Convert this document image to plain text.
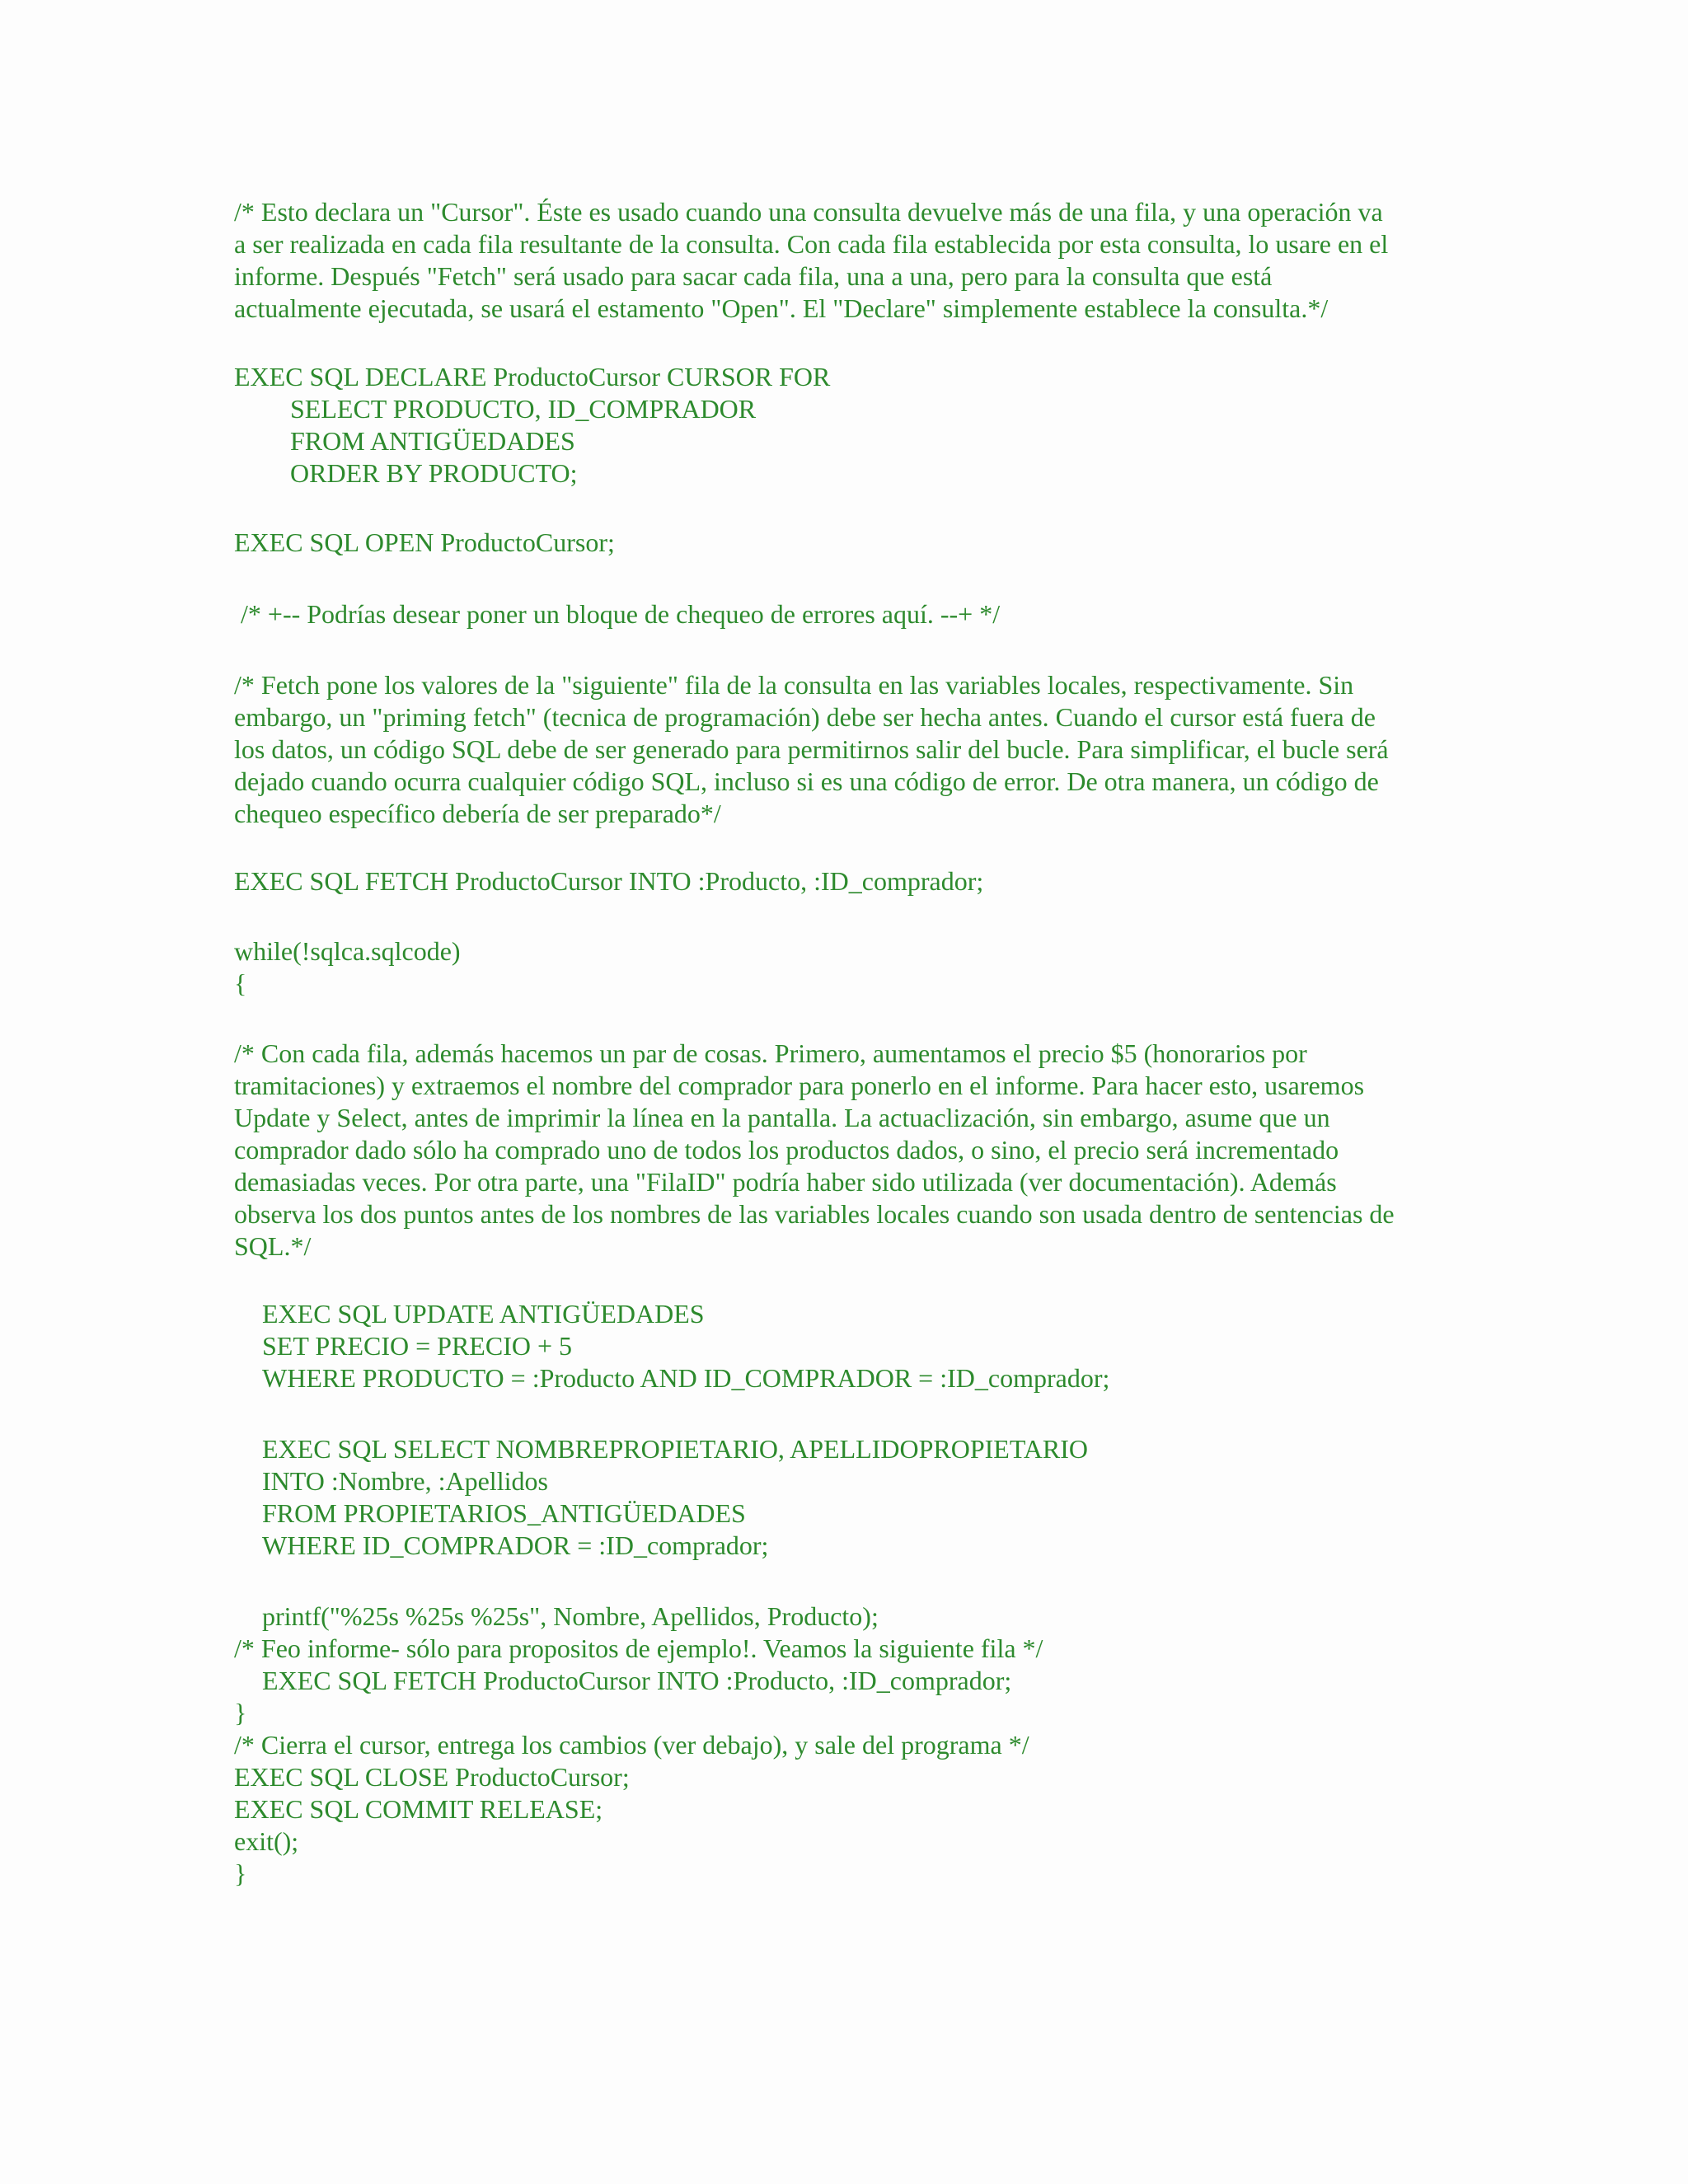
/* Esto declara un "Cursor". Éste es usado cuando una consulta devuelve más de una fila, y una operación va

a ser realizada en cada fila resultante de la consulta. Con cada fila establecida por esta consulta, lo usare en el

informe. Después "Fetch" será usado para sacar cada fila, una a una, pero para la consulta que está

actualmente ejecutada, se usará el estamento "Open". El "Declare" simplemente establece la consulta.*/

EXEC SQL DECLARE ProductoCursor CURSOR FOR

SELECT PRODUCTO, ID_COMPRADOR

FROM ANTIGÜEDADES

ORDER BY PRODUCTO;

EXEC SQL OPEN ProductoCursor;

/* +-- Podrías desear poner un bloque de chequeo de errores aquí. --+ */

/* Fetch pone los valores de la "siguiente" fila de la consulta en las variables locales, respectivamente. Sin

embargo, un "priming fetch" (tecnica de programación) debe ser hecha antes. Cuando el cursor está fuera de

los datos, un código SQL debe de ser generado para permitirnos salir del bucle. Para simplificar, el bucle será

dejado cuando ocurra cualquier código SQL, incluso si es una código de error. De otra manera, un código de

chequeo específico debería de ser preparado*/

EXEC SQL FETCH ProductoCursor INTO :Producto, :ID_comprador;

while(!sqlca.sqlcode)

{

/* Con cada fila, además hacemos un par de cosas. Primero, aumentamos el precio $5 (honorarios por

tramitaciones) y extraemos el nombre del comprador para ponerlo en el informe. Para hacer esto, usaremos

Update y Select, antes de imprimir la línea en la pantalla. La actuaclización, sin embargo, asume que un

comprador dado sólo ha comprado uno de todos los productos dados, o sino, el precio será incrementado

demasiadas veces. Por otra parte, una "FilaID" podría haber sido utilizada (ver documentación). Además

observa los dos puntos antes de los nombres de las variables locales cuando son usada dentro de sentencias de

SQL.*/

EXEC SQL UPDATE ANTIGÜEDADES

SET PRECIO = PRECIO + 5

WHERE PRODUCTO = :Producto AND ID_COMPRADOR = :ID_comprador;

EXEC SQL SELECT NOMBREPROPIETARIO, APELLIDOPROPIETARIO

INTO :Nombre, :Apellidos

FROM PROPIETARIOS_ANTIGÜEDADES

WHERE ID_COMPRADOR = :ID_comprador;

printf("%25s %25s %25s", Nombre, Apellidos, Producto);

/* Feo informe- sólo para propositos de ejemplo!. Veamos la siguiente fila */

EXEC SQL FETCH ProductoCursor INTO :Producto, :ID_comprador;

}

/* Cierra el cursor, entrega los cambios (ver debajo), y sale del programa */

EXEC SQL CLOSE ProductoCursor;

EXEC SQL COMMIT RELEASE;

exit();

}
